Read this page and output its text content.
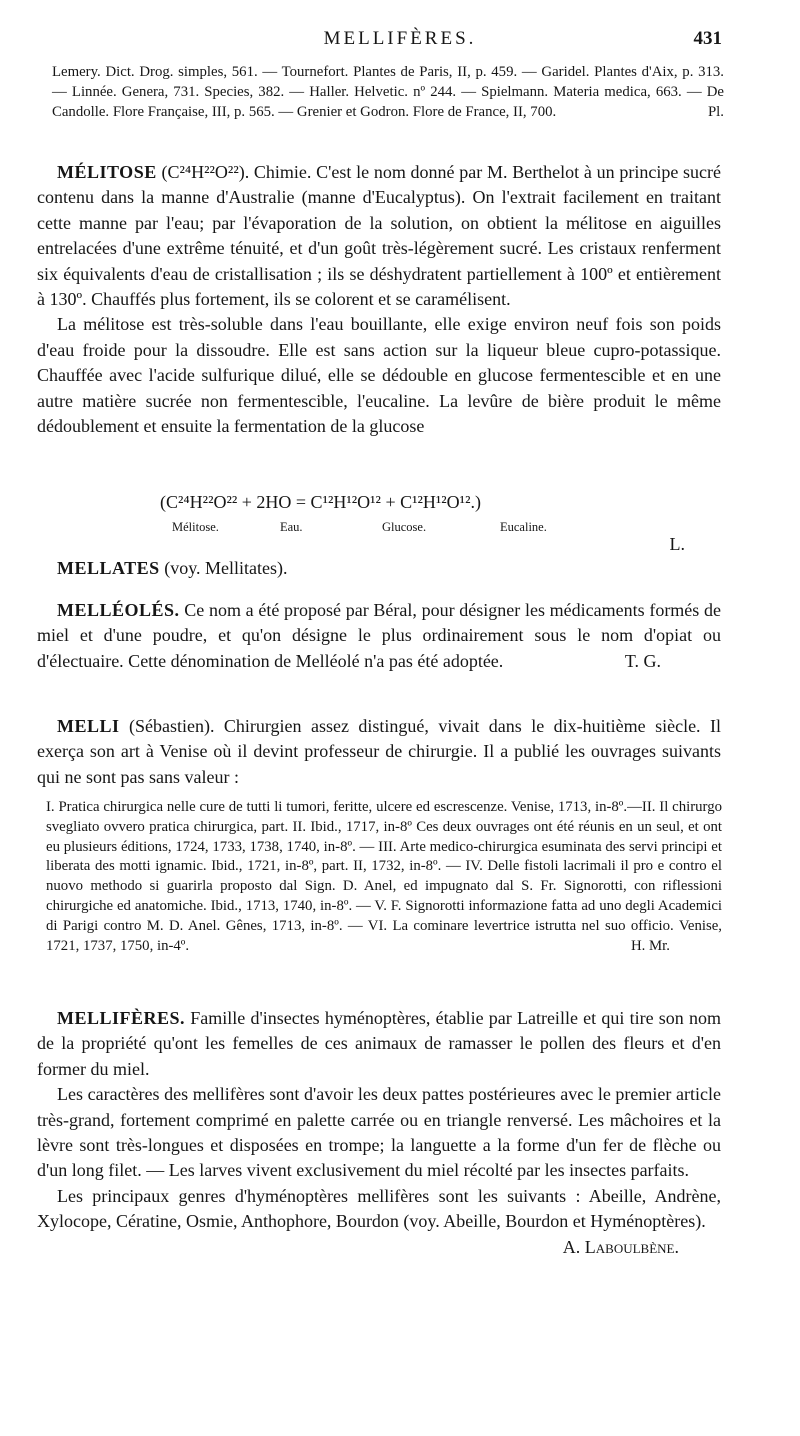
MELLIFÈRES.	431
Lemery. Dict. Drog. simples, 561. — Tournefort. Plantes de Paris, II, p. 459. — Garidel. Plantes d'Aix, p. 313. — Linnée. Genera, 731. Species, 382. — Haller. Helvetic. nº 244. — Spielmann. Materia medica, 663. — De Candolle. Flore Française, III, p. 565. — Grenier et Godron. Flore de France, II, 700.	Pl.

MÉLITOSE (C²⁴H²²O²²). Chimie. C'est le nom donné par M. Berthelot à un principe sucré contenu dans la manne d'Australie (manne d'Eucalyptus). On l'extrait facilement en traitant cette manne par l'eau; par l'évaporation de la solution, on obtient la mélitose en aiguilles entrelacées d'une extrême ténuité, et d'un goût très-légèrement sucré. Les cristaux renferment six équivalents d'eau de cristallisation ; ils se déshydratent partiellement à 100º et entièrement à 130º. Chauffés plus fortement, ils se colorent et se caramélisent.

La mélitose est très-soluble dans l'eau bouillante, elle exige environ neuf fois son poids d'eau froide pour la dissoudre. Elle est sans action sur la liqueur bleue cupro-potassique. Chauffée avec l'acide sulfurique dilué, elle se dédouble en glucose fermentescible et en une autre matière sucrée non fermentescible, l'eucaline. La levûre de bière produit le même dédoublement et ensuite la fermentation de la glucose

(C²⁴H²²O²² + 2HO = C¹²H¹²O¹² + C¹²H¹²O¹².)
Mélitose.	Eau.	Glucose.	Eucaline.

L.

MELLATES (voy. Mellitates).

MELLÉOLÉS. Ce nom a été proposé par Béral, pour désigner les médicaments formés de miel et d'une poudre, et qu'on désigne le plus ordinairement sous le nom d'opiat ou d'électuaire. Cette dénomination de Melléolé n'a pas été adoptée.	T. G.

MELLI (Sébastien). Chirurgien assez distingué, vivait dans le dix-huitième siècle. Il exerça son art à Venise où il devint professeur de chirurgie. Il a publié les ouvrages suivants qui ne sont pas sans valeur :

I. Pratica chirurgica nelle cure de tutti li tumori, feritte, ulcere ed escrescenze. Venise, 1713, in-8º.—II. Il chirurgo svegliato ovvero pratica chirurgica, part. II. Ibid., 1717, in-8º Ces deux ouvrages ont été réunis en un seul, et ont eu plusieurs éditions, 1724, 1733, 1738, 1740, in-8º. — III. Arte medico-chirurgica esuminata des servi principi et liberata des motti ignamic. Ibid., 1721, in-8º, part. II, 1732, in-8º. — IV. Delle fistoli lacrimali il pro e contro el nuovo methodo si guarirla proposto dal Sign. D. Anel, ed impugnato dal S. Fr. Signorotti, con riflessioni chirurgiche ed anatomiche. Ibid., 1713, 1740, in-8º. — V. F. Signorotti informazione fatta ad uno degli Academici di Parigi contro M. D. Anel. Gênes, 1713, in-8º. — VI. La cominare levertrice istrutta nel suo officio. Venise, 1721, 1737, 1750, in-4º.	H. Mr.

MELLIFÈRES. Famille d'insectes hyménoptères, établie par Latreille et qui tire son nom de la propriété qu'ont les femelles de ces animaux de ramasser le pollen des fleurs et d'en former du miel.

Les caractères des mellifères sont d'avoir les deux pattes postérieures avec le premier article très-grand, fortement comprimé en palette carrée ou en triangle renversé. Les mâchoires et la lèvre sont très-longues et disposées en trompe; la languette a la forme d'un fer de flèche ou d'un long filet. — Les larves vivent exclusivement du miel récolté par les insectes parfaits.

Les principaux genres d'hyménoptères mellifères sont les suivants : Abeille, Andrène, Xylocope, Cératine, Osmie, Anthophore, Bourdon (voy. Abeille, Bourdon et Hyménoptères).
A. Laboulbène.
